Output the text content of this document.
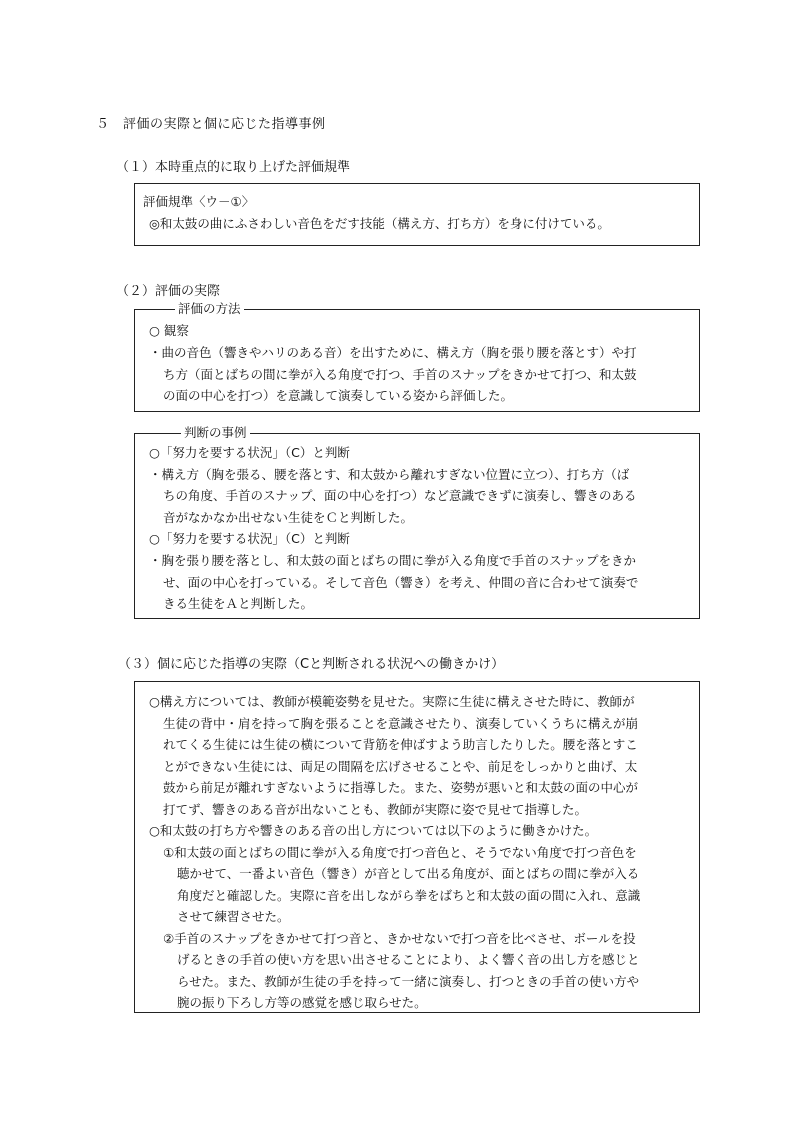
５　評価の実際と個に応じた指導事例
（１）本時重点的に取り上げた評価規準
評価規準〈ウ－①〉
◎和太鼓の曲にふさわしい音色をだす技能（構え方、打ち方）を身に付けている。
（２）評価の実際
評価の方法
○ 観察
・曲の音色（響きやハリのある音）を出すために、構え方（胸を張り腰を落とす）や打
ち方（面とばちの間に拳が入る角度で打つ、手首のスナップをきかせて打つ、和太鼓
の面の中心を打つ）を意識して演奏している姿から評価した。
判断の事例
○「努力を要する状況」（C）と判断
・構え方（胸を張る、腰を落とす、和太鼓から離れすぎない位置に立つ）、打ち方（ば
ちの角度、手首のスナップ、面の中心を打つ）など意識できずに演奏し、響きのある
音がなかなか出せない生徒をＣと判断した。
○「努力を要する状況」（C）と判断
・胸を張り腰を落とし、和太鼓の面とばちの間に拳が入る角度で手首のスナップをきか
せ、面の中心を打っている。そして音色（響き）を考え、仲間の音に合わせて演奏で
きる生徒をＡと判断した。
（３）個に応じた指導の実際（Cと判断される状況への働きかけ）
○構え方については、教師が模範姿勢を見せた。実際に生徒に構えさせた時に、教師が
生徒の背中・肩を持って胸を張ることを意識させたり、演奏していくうちに構えが崩
れてくる生徒には生徒の横について背筋を伸ばすよう助言したりした。腰を落とすこ
とができない生徒には、両足の間隔を広げさせることや、前足をしっかりと曲げ、太
鼓から前足が離れすぎないように指導した。また、姿勢が悪いと和太鼓の面の中心が
打てず、響きのある音が出ないことも、教師が実際に姿で見せて指導した。
○和太鼓の打ち方や響きのある音の出し方については以下のように働きかけた。
①和太鼓の面とばちの間に拳が入る角度で打つ音色と、そうでない角度で打つ音色を
聴かせて、一番よい音色（響き）が音として出る角度が、面とばちの間に拳が入る
角度だと確認した。実際に音を出しながら拳をばちと和太鼓の面の間に入れ、意識
させて練習させた。
②手首のスナップをきかせて打つ音と、きかせないで打つ音を比べさせ、ボールを投
げるときの手首の使い方を思い出させることにより、よく響く音の出し方を感じと
らせた。また、教師が生徒の手を持って一緒に演奏し、打つときの手首の使い方や
腕の振り下ろし方等の感覚を感じ取らせた。
